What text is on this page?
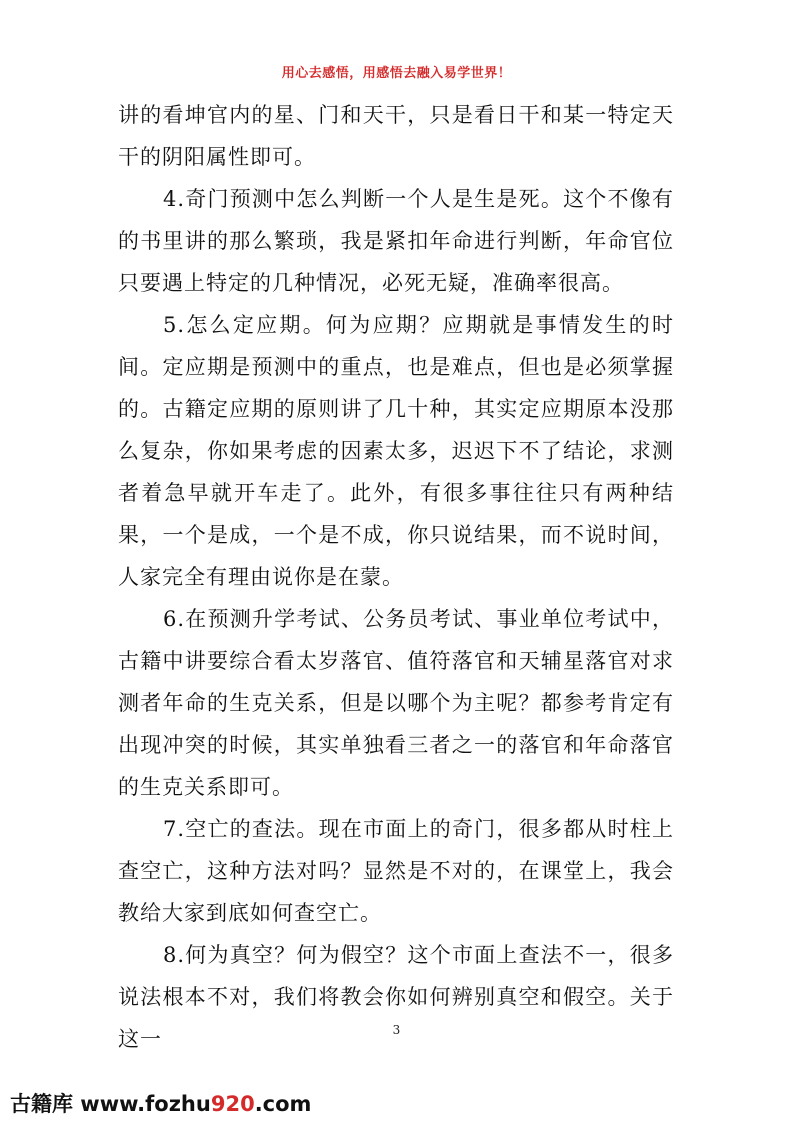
用心去感悟，用感悟去融入易学世界！

讲的看坤官内的星、门和天干，只是看日干和某一特定天干的阴阳属性即可。

4.奇门预测中怎么判断一个人是生是死。这个不像有的书里讲的那么繁琐，我是紧扣年命进行判断，年命官位只要遇上特定的几种情况，必死无疑，准确率很高。

5.怎么定应期。何为应期？应期就是事情发生的时间。定应期是预测中的重点，也是难点，但也是必须掌握的。古籍定应期的原则讲了几十种，其实定应期原本没那么复杂，你如果考虑的因素太多，迟迟下不了结论，求测者着急早就开车走了。此外，有很多事往往只有两种结果，一个是成，一个是不成，你只说结果，而不说时间，人家完全有理由说你是在蒙。

6.在预测升学考试、公务员考试、事业单位考试中，古籍中讲要综合看太岁落官、值符落官和天辅星落官对求测者年命的生克关系，但是以哪个为主呢？都参考肯定有出现冲突的时候，其实单独看三者之一的落官和年命落官的生克关系即可。

7.空亡的查法。现在市面上的奇门，很多都从时柱上查空亡，这种方法对吗？显然是不对的，在课堂上，我会教给大家到底如何查空亡。

8.何为真空？何为假空？这个市面上查法不一，很多说法根本不对，我们将教会你如何辨别真空和假空。关于这一	3
古籍库 www.fozhu920.com
